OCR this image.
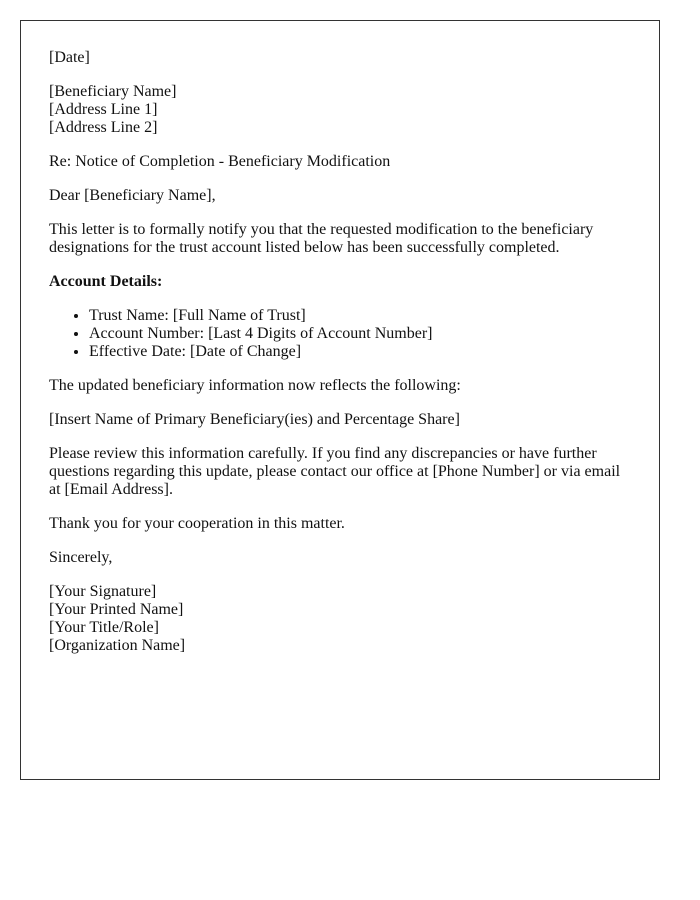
[Date]
[Beneficiary Name]
[Address Line 1]
[Address Line 2]

Re: Notice of Completion - Beneficiary Modification

Dear [Beneficiary Name],

This letter is to formally notify you that the requested modification to the beneficiary designations for the trust account listed below has been successfully completed.

Account Details:

• Trust Name: [Full Name of Trust]
• Account Number: [Last 4 Digits of Account Number]
• Effective Date: [Date of Change]

The updated beneficiary information now reflects the following:

[Insert Name of Primary Beneficiary(ies) and Percentage Share]

Please review this information carefully. If you find any discrepancies or have further questions regarding this update, please contact our office at [Phone Number] or via email at [Email Address].

Thank you for your cooperation in this matter.

Sincerely,

[Your Signature]
[Your Printed Name]
[Your Title/Role]
[Organization Name]
